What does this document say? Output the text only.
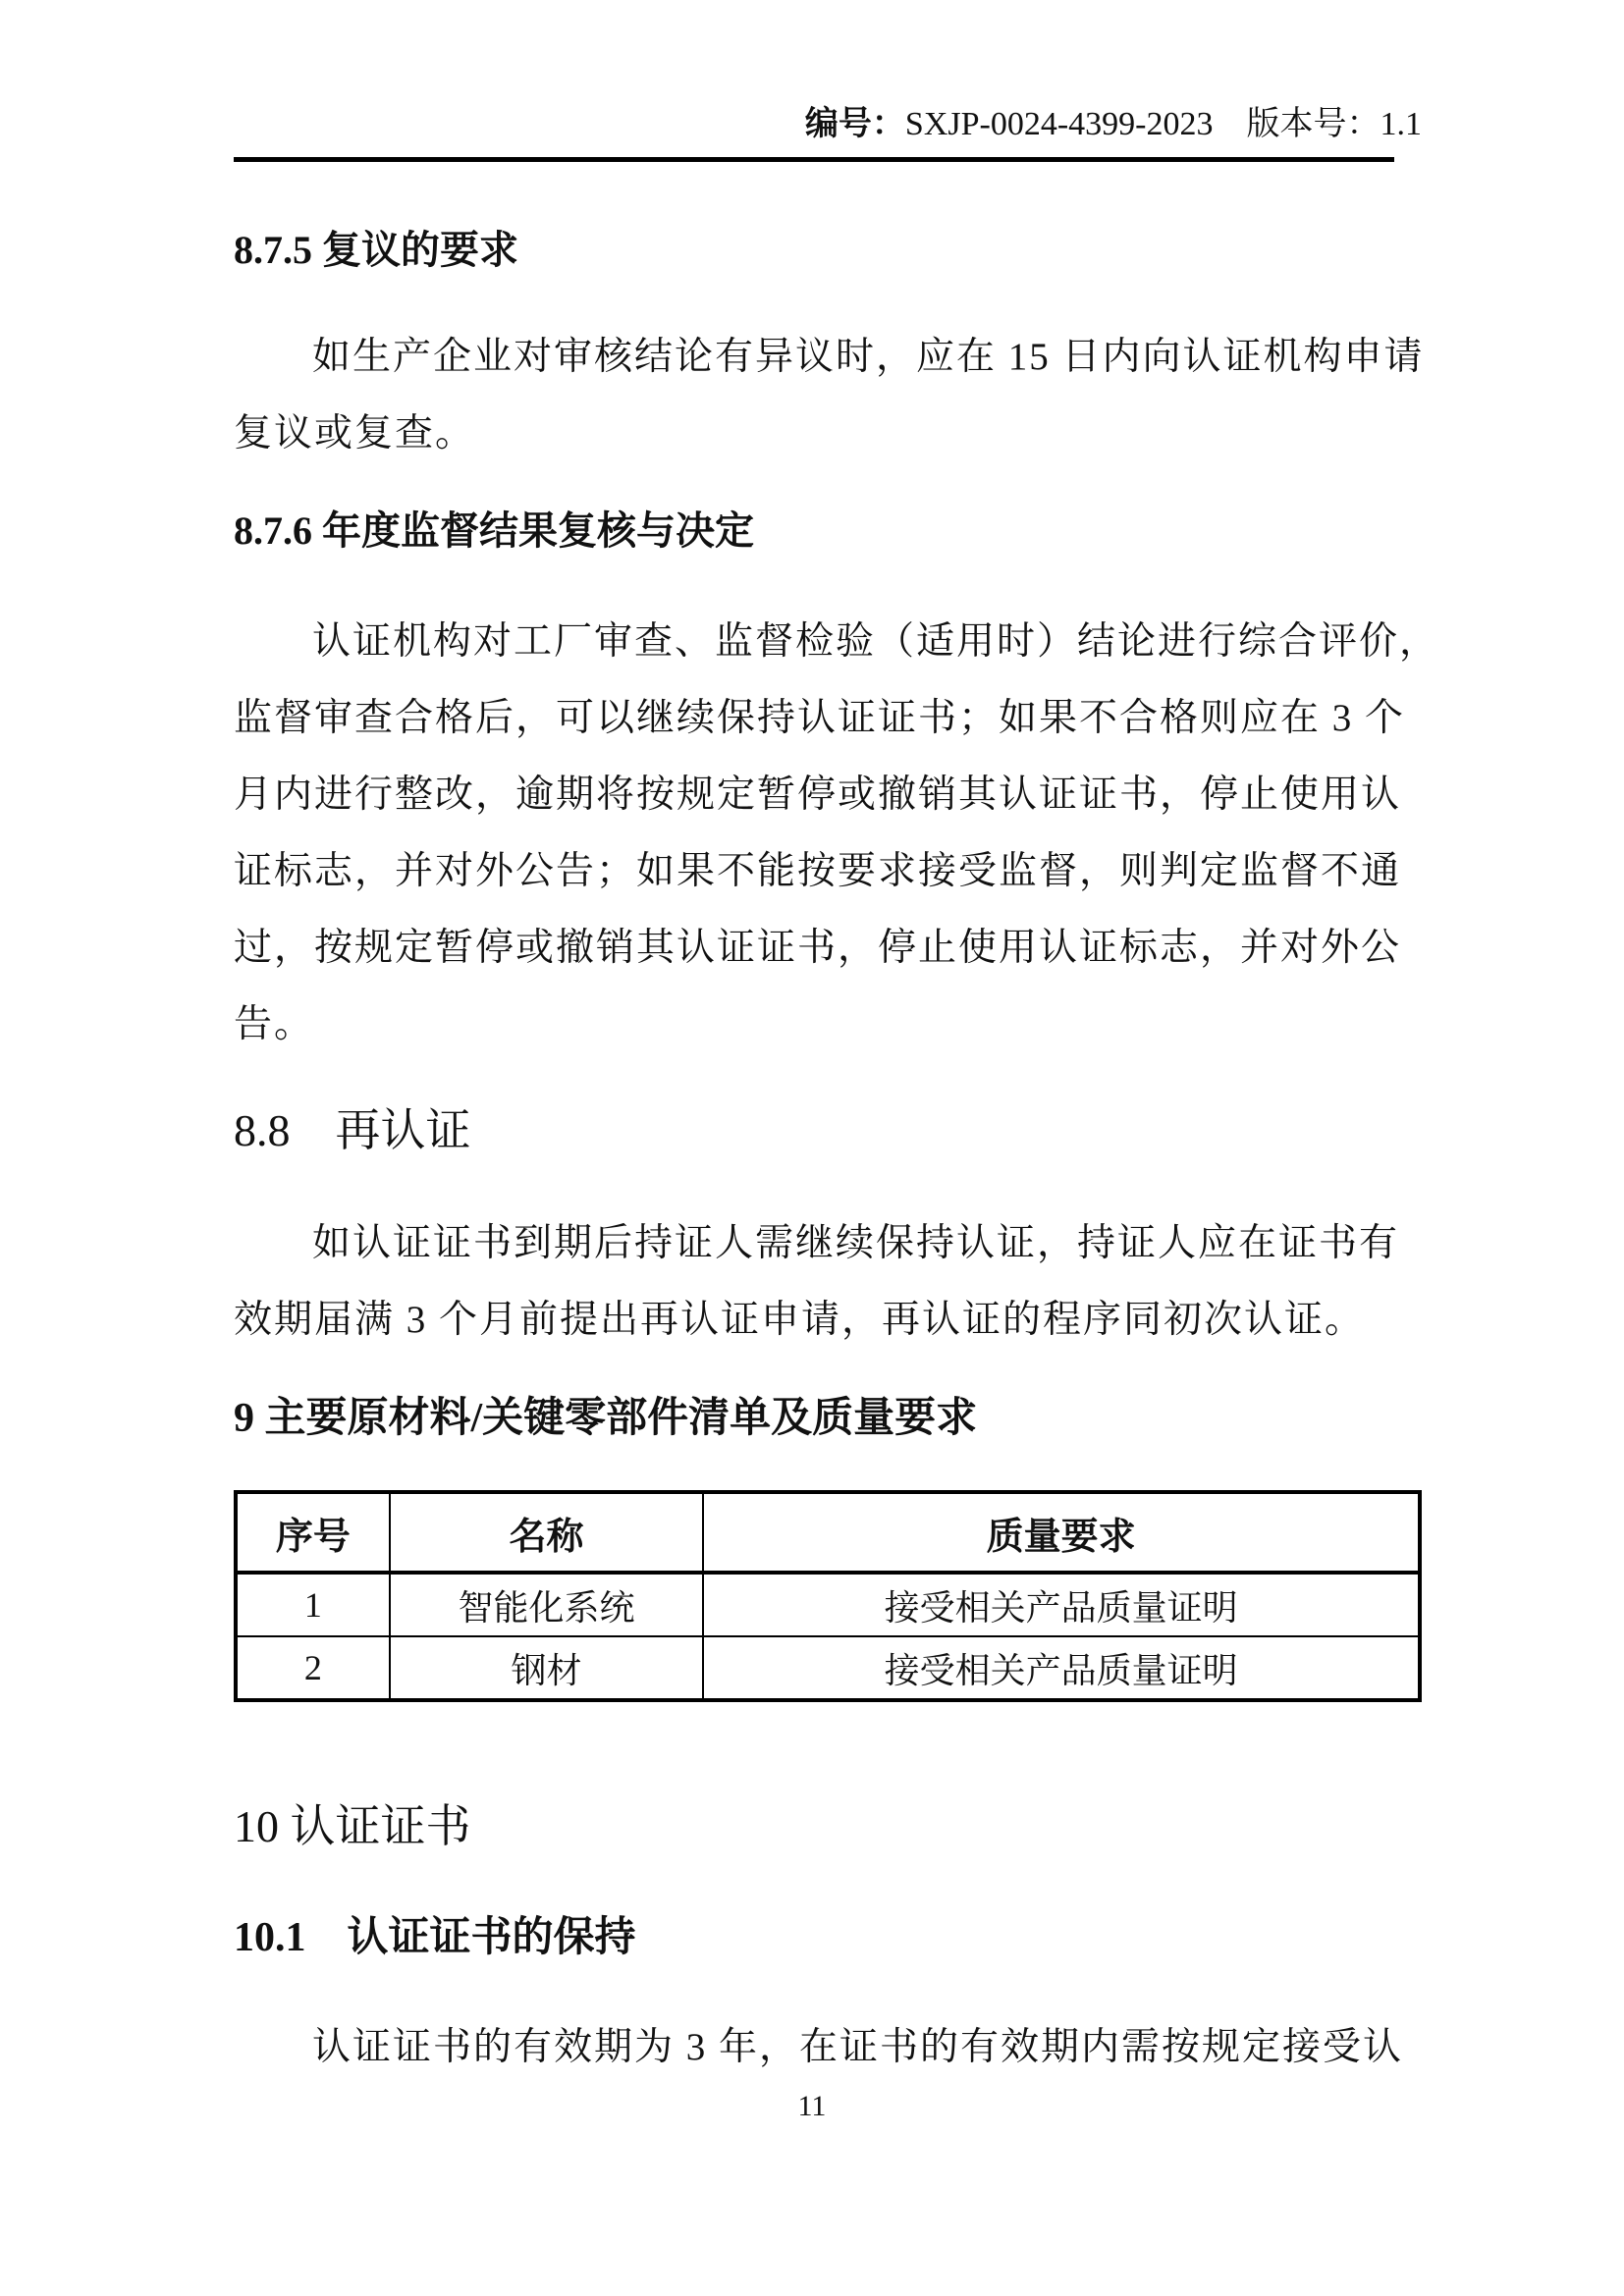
编号：SXJP-0024-4399-2023 版本号：1.1
8.7.5 复议的要求
如生产企业对审核结论有异议时，应在 15 日内向认证机构申请
复议或复查。
8.7.6 年度监督结果复核与决定
认证机构对工厂审查、监督检验（适用时）结论进行综合评价，
监督审查合格后，可以继续保持认证证书；如果不合格则应在 3 个
月内进行整改，逾期将按规定暂停或撤销其认证证书，停止使用认
证标志，并对外公告；如果不能按要求接受监督，则判定监督不通
过，按规定暂停或撤销其认证证书，停止使用认证标志，并对外公
告。
8.8　再认证
如认证证书到期后持证人需继续保持认证，持证人应在证书有
效期届满 3 个月前提出再认证申请，再认证的程序同初次认证。
9 主要原材料/关键零部件清单及质量要求
序号	名称	质量要求
1	智能化系统	接受相关产品质量证明
2	钢材	接受相关产品质量证明
10 认证证书
10.1　认证证书的保持
认证证书的有效期为 3 年，在证书的有效期内需按规定接受认
11
